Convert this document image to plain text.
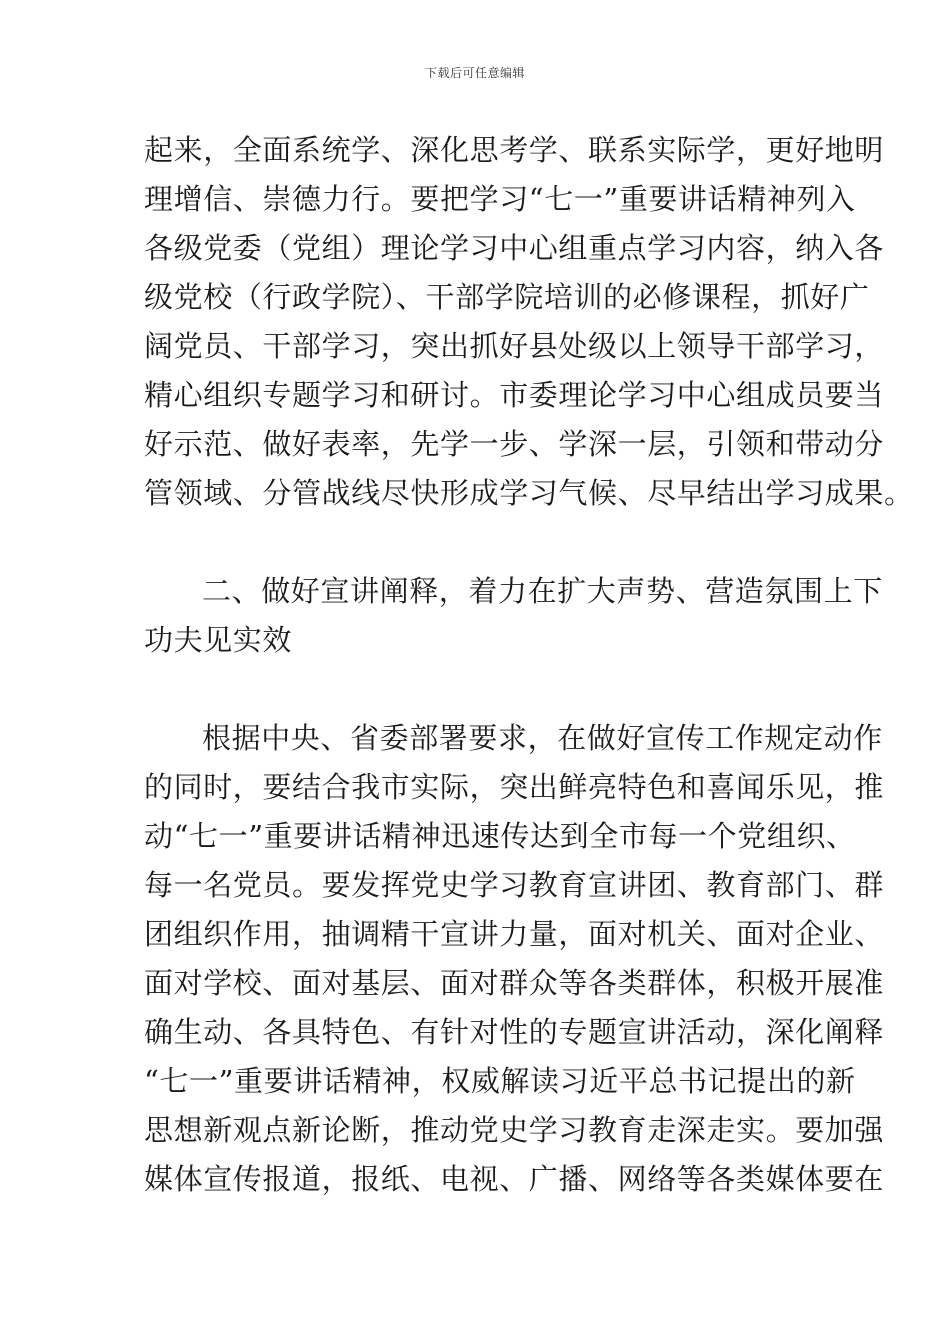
下载后可任意编辑
起来，全面系统学、深化思考学、联系实际学，更好地明
理增信、崇德力行。要把学习“七一”重要讲话精神列入
各级党委（党组）理论学习中心组重点学习内容，纳入各
级党校（行政学院）、干部学院培训的必修课程，抓好广
阔党员、干部学习，突出抓好县处级以上领导干部学习，
精心组织专题学习和研讨。市委理论学习中心组成员要当
好示范、做好表率，先学一步、学深一层，引领和带动分
管领域、分管战线尽快形成学习气候、尽早结出学习成果。
二、做好宣讲阐释，着力在扩大声势、营造氛围上下
功夫见实效
根据中央、省委部署要求，在做好宣传工作规定动作
的同时，要结合我市实际，突出鲜亮特色和喜闻乐见，推
动“七一”重要讲话精神迅速传达到全市每一个党组织、
每一名党员。要发挥党史学习教育宣讲团、教育部门、群
团组织作用，抽调精干宣讲力量，面对机关、面对企业、
面对学校、面对基层、面对群众等各类群体，积极开展准
确生动、各具特色、有针对性的专题宣讲活动，深化阐释
“七一”重要讲话精神，权威解读习近平总书记提出的新
思想新观点新论断，推动党史学习教育走深走实。要加强
媒体宣传报道，报纸、电视、广播、网络等各类媒体要在
